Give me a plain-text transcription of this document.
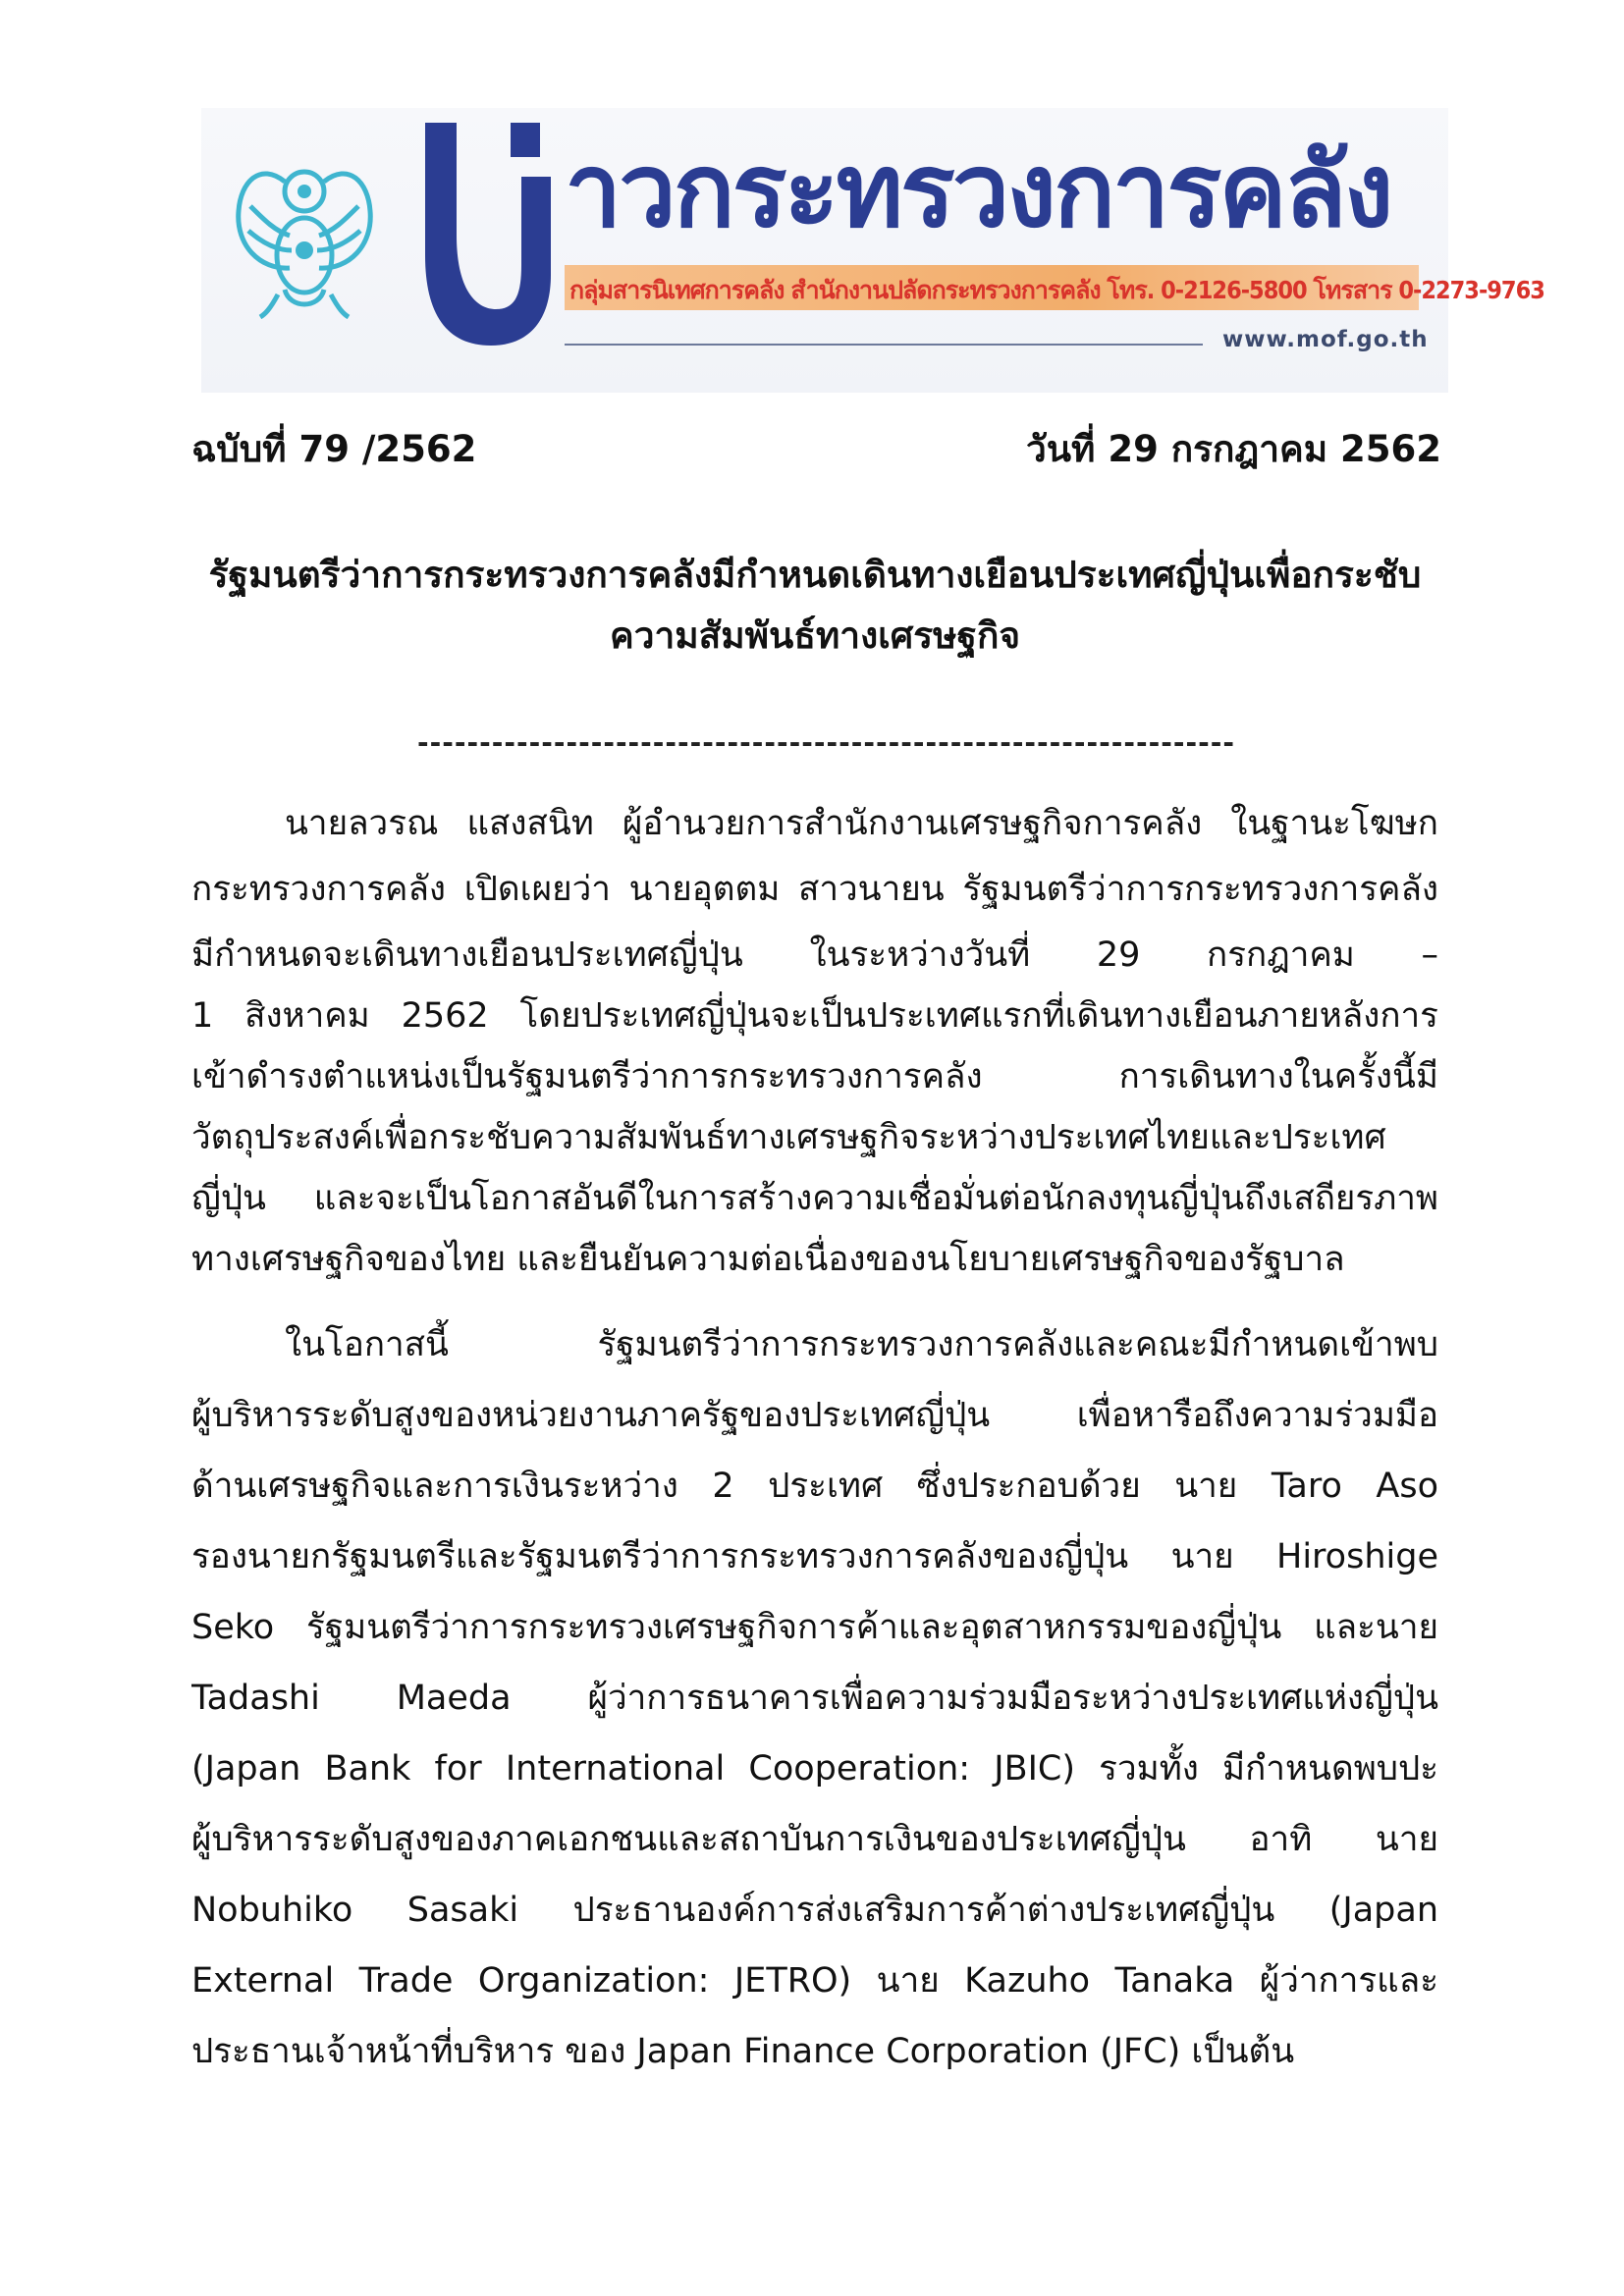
าวกระทรวงการคลัง
กลุ่มสารนิเทศการคลัง สำนักงานปลัดกระทรวงการคลัง โทร. 0-2126-5800 โทรสาร 0-2273-9763
www.mof.go.th
ฉบับที่ 79 /2562	วันที่ 29 กรกฎาคม 2562
รัฐมนตรีว่าการกระทรวงการคลังมีกำหนดเดินทางเยือนประเทศญี่ปุ่นเพื่อกระชับ
ความสัมพันธ์ทางเศรษฐกิจ
------------------------------------------------------------------
นายลวรณ แสงสนิท ผู้อำนวยการสำนักงานเศรษฐกิจการคลัง ในฐานะโฆษก
กระทรวงการคลัง เปิดเผยว่า นายอุตตม สาวนายน รัฐมนตรีว่าการกระทรวงการคลัง
มีกำหนดจะเดินทางเยือนประเทศญี่ปุ่น ในระหว่างวันที่ 29 กรกฎาคม –
1 สิงหาคม 2562 โดยประเทศญี่ปุ่นจะเป็นประเทศแรกที่เดินทางเยือนภายหลังการ
เข้าดำรงตำแหน่งเป็นรัฐมนตรีว่าการกระทรวงการคลัง การเดินทางในครั้งนี้มี
วัตถุประสงค์เพื่อกระชับความสัมพันธ์ทางเศรษฐกิจระหว่างประเทศไทยและประเทศ
ญี่ปุ่น และจะเป็นโอกาสอันดีในการสร้างความเชื่อมั่นต่อนักลงทุนญี่ปุ่นถึงเสถียรภาพ
ทางเศรษฐกิจของไทย และยืนยันความต่อเนื่องของนโยบายเศรษฐกิจของรัฐบาล
ในโอกาสนี้ รัฐมนตรีว่าการกระทรวงการคลังและคณะมีกำหนดเข้าพบ
ผู้บริหารระดับสูงของหน่วยงานภาครัฐของประเทศญี่ปุ่น เพื่อหารือถึงความร่วมมือ
ด้านเศรษฐกิจและการเงินระหว่าง 2 ประเทศ ซึ่งประกอบด้วย นาย Taro Aso
รองนายกรัฐมนตรีและรัฐมนตรีว่าการกระทรวงการคลังของญี่ปุ่น นาย Hiroshige
Seko รัฐมนตรีว่าการกระทรวงเศรษฐกิจการค้าและอุตสาหกรรมของญี่ปุ่น และนาย
Tadashi Maeda ผู้ว่าการธนาคารเพื่อความร่วมมือระหว่างประเทศแห่งญี่ปุ่น
(Japan Bank for International Cooperation: JBIC) รวมทั้ง มีกำหนดพบปะ
ผู้บริหารระดับสูงของภาคเอกชนและสถาบันการเงินของประเทศญี่ปุ่น อาทิ นาย
Nobuhiko Sasaki ประธานองค์การส่งเสริมการค้าต่างประเทศญี่ปุ่น (Japan
External Trade Organization: JETRO) นาย Kazuho Tanaka ผู้ว่าการและ
ประธานเจ้าหน้าที่บริหาร ของ Japan Finance Corporation (JFC) เป็นต้น
